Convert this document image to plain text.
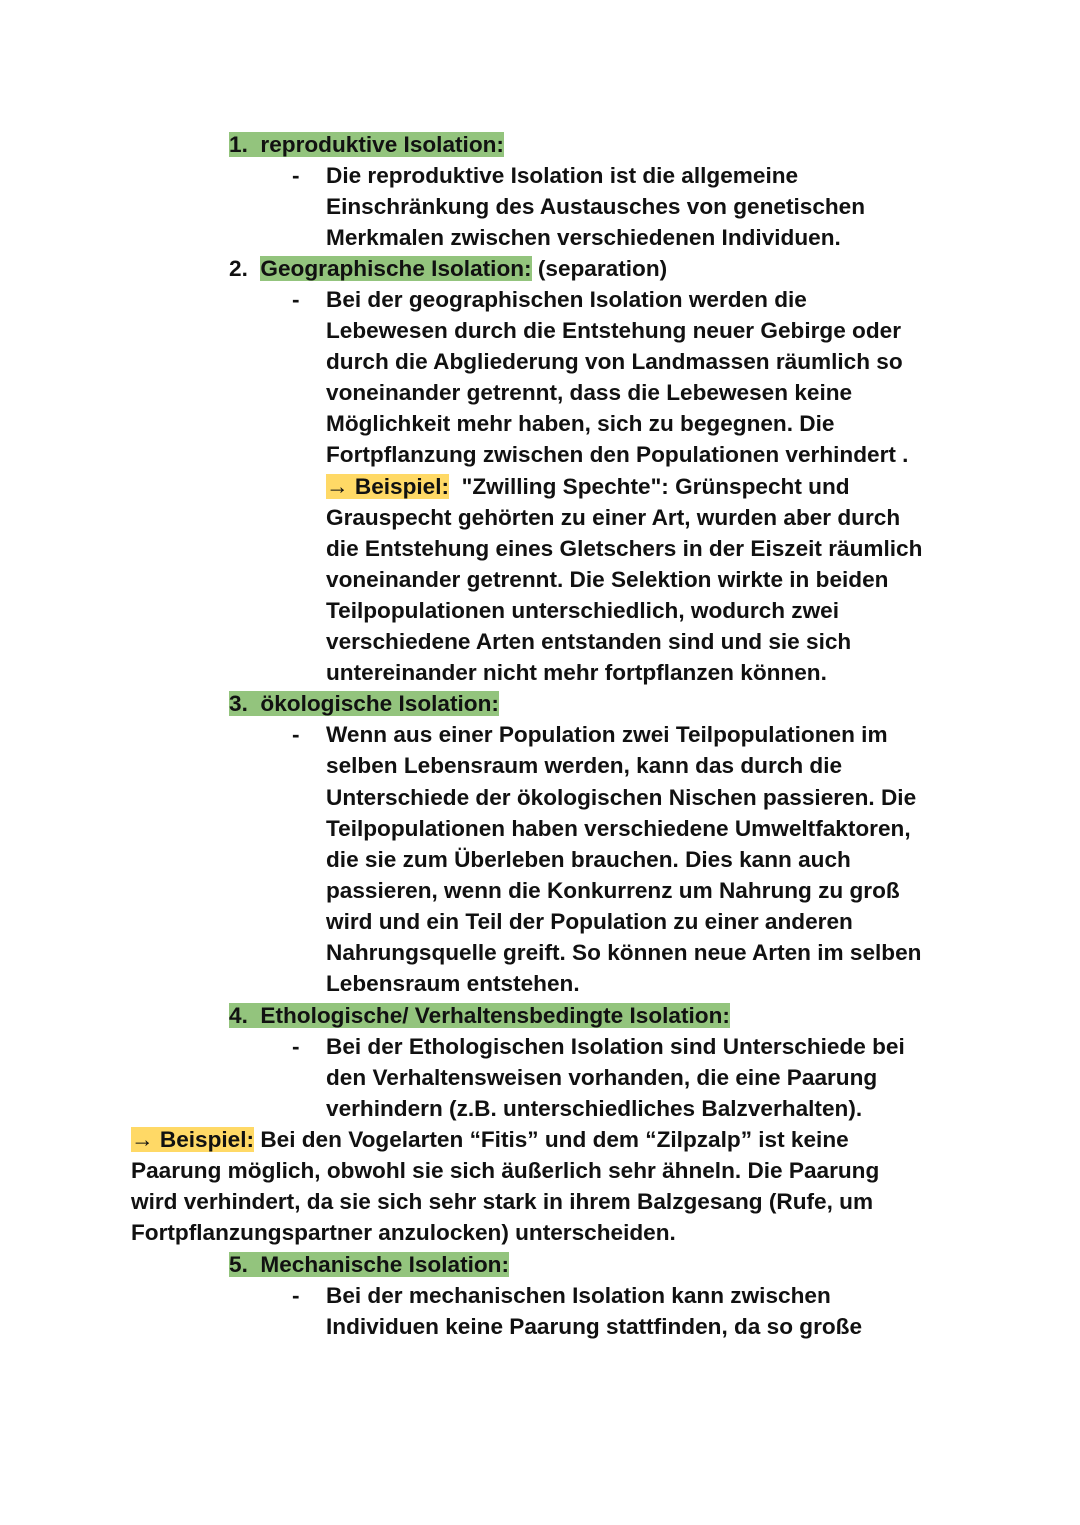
1. reproduktive Isolation:
- Die reproduktive Isolation ist die allgemeine
Einschränkung des Austausches von genetischen
Merkmalen zwischen verschiedenen Individuen.
2. Geographische Isolation: (separation)
- Bei der geographischen Isolation werden die
Lebewesen durch die Entstehung neuer Gebirge oder
durch die Abgliederung von Landmassen räumlich so
voneinander getrennt, dass die Lebewesen keine
Möglichkeit mehr haben, sich zu begegnen. Die
Fortpflanzung zwischen den Populationen verhindert .
→ Beispiel:  "Zwilling Spechte": Grünspecht und
Grauspecht gehörten zu einer Art, wurden aber durch
die Entstehung eines Gletschers in der Eiszeit räumlich
voneinander getrennt. Die Selektion wirkte in beiden
Teilpopulationen unterschiedlich, wodurch zwei
verschiedene Arten entstanden sind und sie sich
untereinander nicht mehr fortpflanzen können.
3. ökologische Isolation:
- Wenn aus einer Population zwei Teilpopulationen im
selben Lebensraum werden, kann das durch die
Unterschiede der ökologischen Nischen passieren. Die
Teilpopulationen haben verschiedene Umweltfaktoren,
die sie zum Überleben brauchen. Dies kann auch
passieren, wenn die Konkurrenz um Nahrung zu groß
wird und ein Teil der Population zu einer anderen
Nahrungsquelle greift. So können neue Arten im selben
Lebensraum entstehen.
4. Ethologische/ Verhaltensbedingte Isolation:
- Bei der Ethologischen Isolation sind Unterschiede bei
den Verhaltensweisen vorhanden, die eine Paarung
verhindern (z.B. unterschiedliches Balzverhalten).
→ Beispiel: Bei den Vogelarten “Fitis” und dem “Zilpzalp” ist keine
Paarung möglich, obwohl sie sich äußerlich sehr ähneln. Die Paarung
wird verhindert, da sie sich sehr stark in ihrem Balzgesang (Rufe, um
Fortpflanzungspartner anzulocken) unterscheiden.
5. Mechanische Isolation:
- Bei der mechanischen Isolation kann zwischen
Individuen keine Paarung stattfinden, da so große
